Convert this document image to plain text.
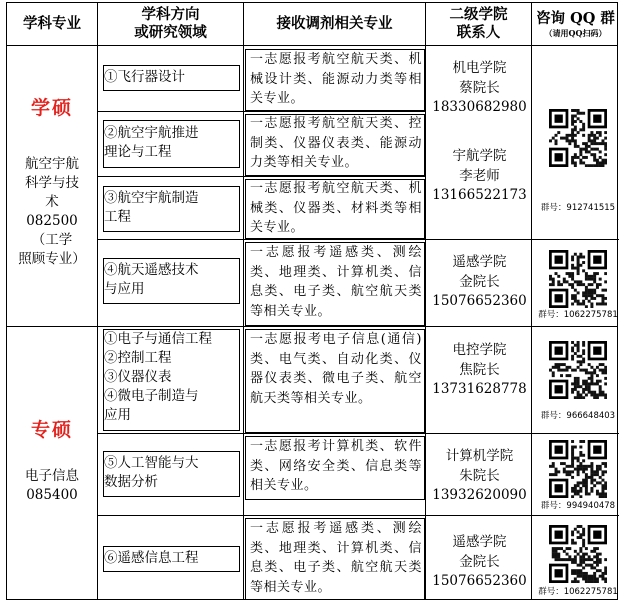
学科专业
学科方向
或研究领域
接收调剂相关专业
二级学院
联系人
咨询 QQ 群
（请用QQ扫码）
学硕
航空宇航
科学与技
术
082500
（工学
照顾专业）
①飞行器设计
②航空宇航推进
理论与工程
③航空宇航制造
工程
④航天遥感技术
与应用
一志愿报考航空航天类、机械设计类、能源动力类等相关专业。
一志愿报考航空航天类、控制类、仪器仪表类、能源动力类等相关专业。
一志愿报考航空航天类、机械类、仪器类、材料类等相关专业。
一志愿报考遥感类、测绘类、地理类、计算机类、信息类、电子类、航空航天类等相关专业。
机电学院
蔡院长
18330682980
宇航学院
李老师
13166522173
遥感学院
金院长
15076652360
群号：912741515
群号：1062275781
专硕
电子信息
085400
①电子与通信工程
②控制工程
③仪器仪表
④微电子制造与
应用
⑤人工智能与大
数据分析
⑥遥感信息工程
一志愿报考电子信息(通信)类、电气类、自动化类、仪器仪表类、微电子类、航空航天类等相关专业。
一志愿报考计算机类、软件类、网络安全类、信息类等相关专业。
一志愿报考遥感类、测绘类、地理类、计算机类、信息类、电子类、航空航天类等相关专业。
电控学院
焦院长
13731628778
计算机学院
朱院长
13932620090
遥感学院
金院长
15076652360
群号：966648403
群号：994940478
群号：1062275781
